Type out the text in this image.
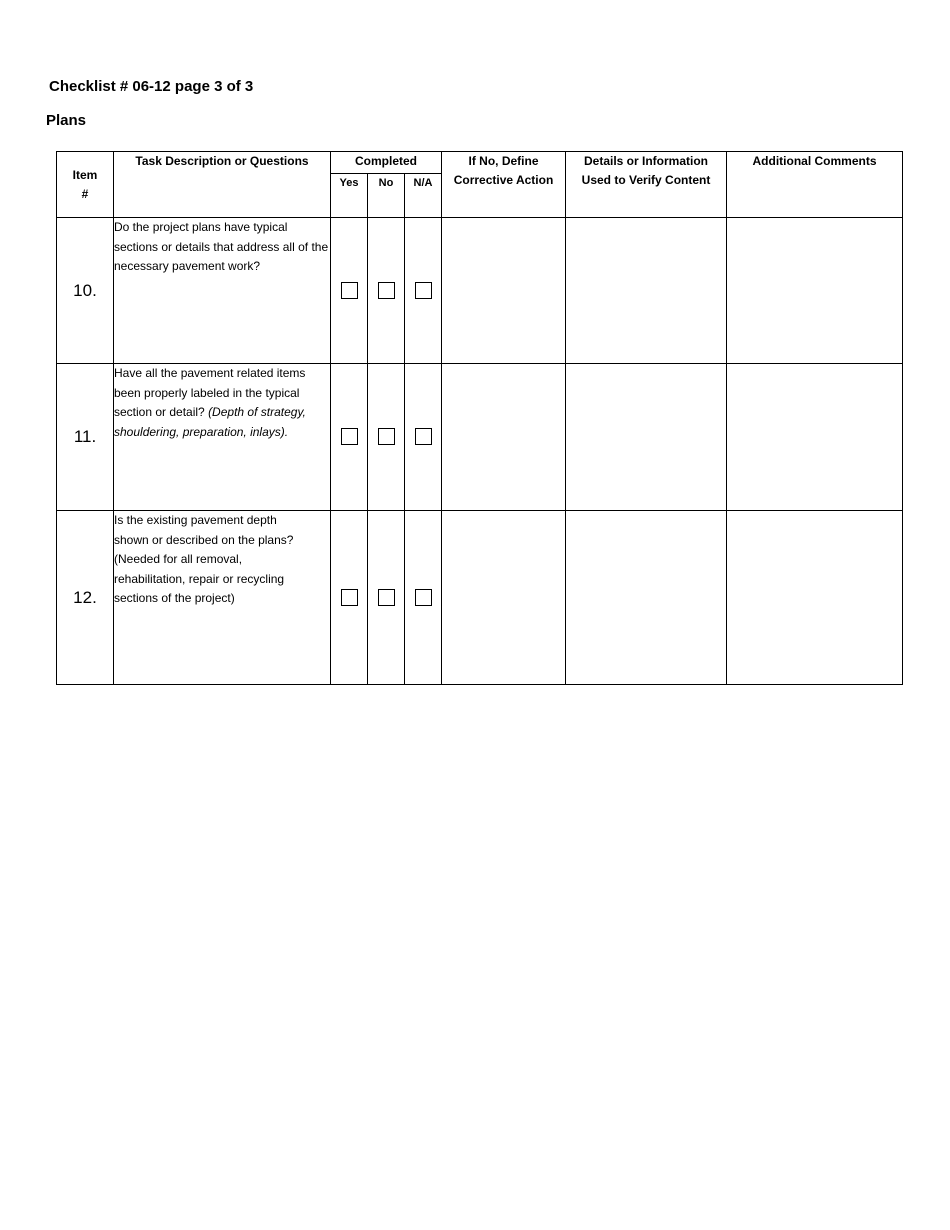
Checklist # 06-12 page 3 of 3
Plans
Item #	Task Description or Questions	Completed			If No, Define Corrective Action	Details or Information Used to Verify Content	Additional Comments
		Yes	No	N/A			
10.	Do the project plans have typical sections or details that address all of the necessary pavement work?						
11.	Have all the pavement related items been properly labeled in the typical section or detail? (Depth of strategy, shouldering, preparation, inlays).						
12.	Is the existing pavement depth shown or described on the plans? (Needed for all removal, rehabilitation, repair or recycling sections of the project)						
